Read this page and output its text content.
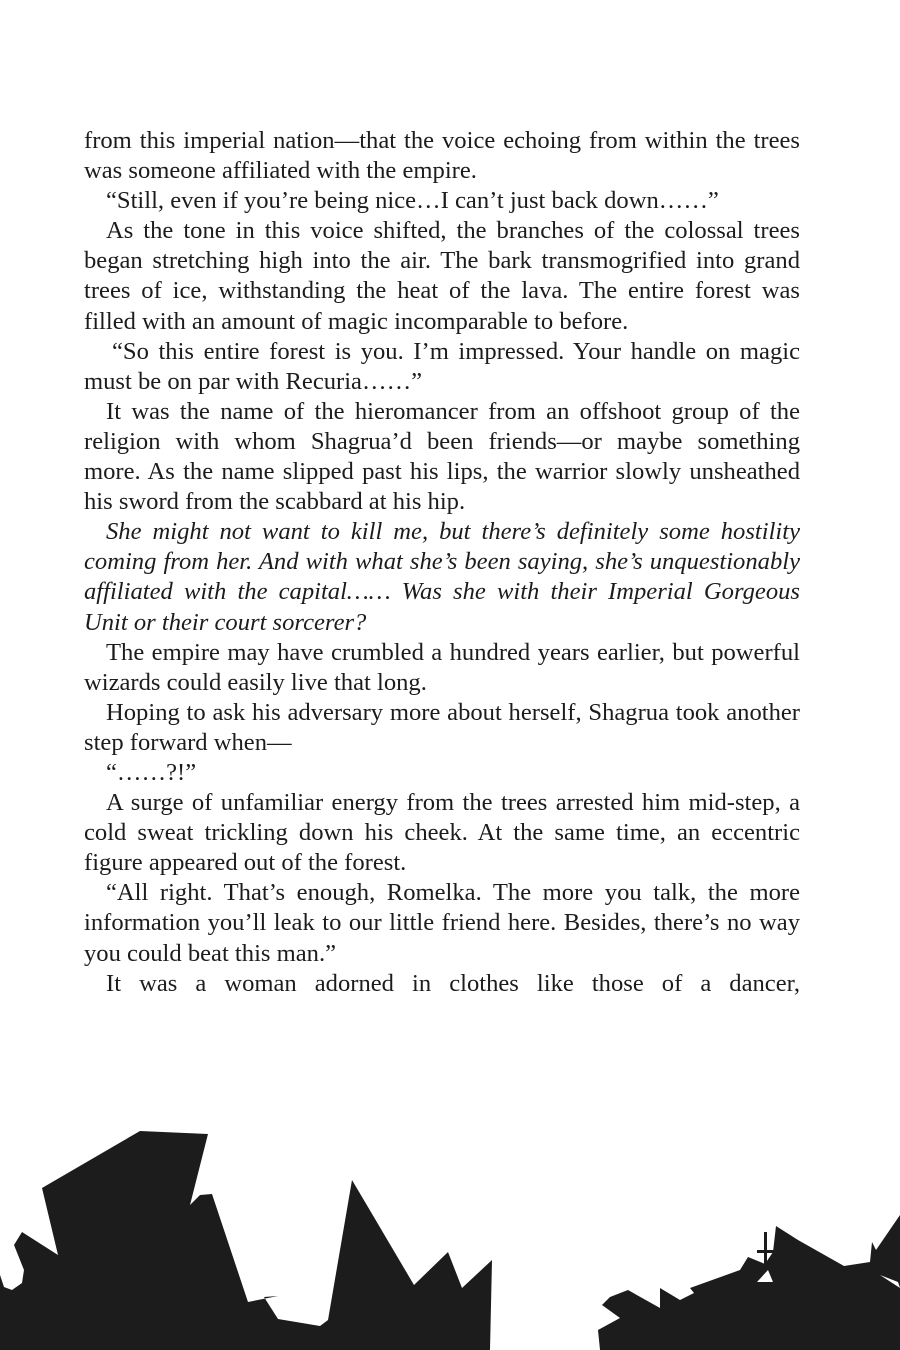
from this imperial nation—that the voice echoing from within the trees was someone affiliated with the empire.

“Still, even if you’re being nice…I can’t just back down……”

As the tone in this voice shifted, the branches of the colossal trees began stretching high into the air. The bark transmogrified into grand trees of ice, withstanding the heat of the lava. The entire forest was filled with an amount of magic incomparable to before.

“So this entire forest is you. I’m impressed. Your handle on magic must be on par with Recuria……”

It was the name of the hieromancer from an offshoot group of the religion with whom Shagrua’d been friends—or maybe something more. As the name slipped past his lips, the warrior slowly unsheathed his sword from the scabbard at his hip.

She might not want to kill me, but there’s definitely some hostility coming from her. And with what she’s been saying, she’s unquestionably affiliated with the capital…… Was she with their Imperial Gorgeous Unit or their court sorcerer?

The empire may have crumbled a hundred years earlier, but powerful wizards could easily live that long.

Hoping to ask his adversary more about herself, Shagrua took another step forward when—

“……?!”

A surge of unfamiliar energy from the trees arrested him mid-step, a cold sweat trickling down his cheek. At the same time, an eccentric figure appeared out of the forest.

“All right. That’s enough, Romelka. The more you talk, the more information you’ll leak to our little friend here. Besides, there’s no way you could beat this man.”

It was a woman adorned in clothes like those of a dancer,
